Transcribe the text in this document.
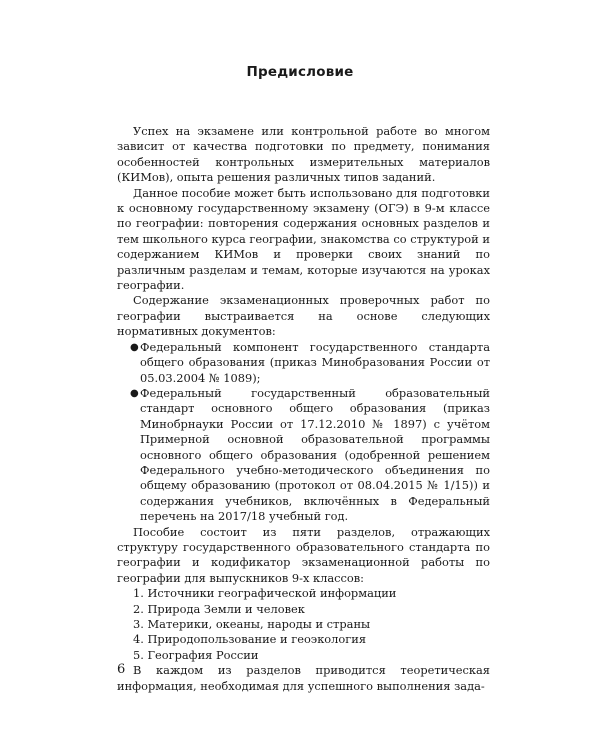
Предисловие

Успех на экзамене или контрольной работе во многом зависит от качества подготовки по предмету, понимания особенностей контрольных измерительных материалов (КИМов), опыта решения различных типов заданий.

Данное пособие может быть использовано для подготовки к основному государственному экзамену (ОГЭ) в 9-м классе по географии: повторения содержания основных разделов и тем школьного курса географии, знакомства со структурой и содержанием КИМов и проверки своих знаний по различным разделам и темам, которые изучаются на уроках географии.

Содержание экзаменационных проверочных работ по географии выстраивается на основе следующих нормативных документов:

● Федеральный компонент государственного стандарта общего образования (приказ Минобразования России от 05.03.2004 № 1089);
● Федеральный государственный образовательный стандарт основного общего образования (приказ Минобрнауки России от 17.12.2010 № 1897) с учётом Примерной основной образовательной программы основного общего образования (одобренной решением Федерального учебно-методического объединения по общему образованию (протокол от 08.04.2015 № 1/15)) и содержания учебников, включённых в Федеральный перечень на 2017/18 учебный год.

Пособие состоит из пяти разделов, отражающих структуру государственного образовательного стандарта по географии и кодификатор экзаменационной работы по географии для выпускников 9-х классов:

1. Источники географической информации
2. Природа Земли и человек
3. Материки, океаны, народы и страны
4. Природопользование и геоэкология
5. География России

В каждом из разделов приводится теоретическая информация, необходимая для успешного выполнения зада-

6
